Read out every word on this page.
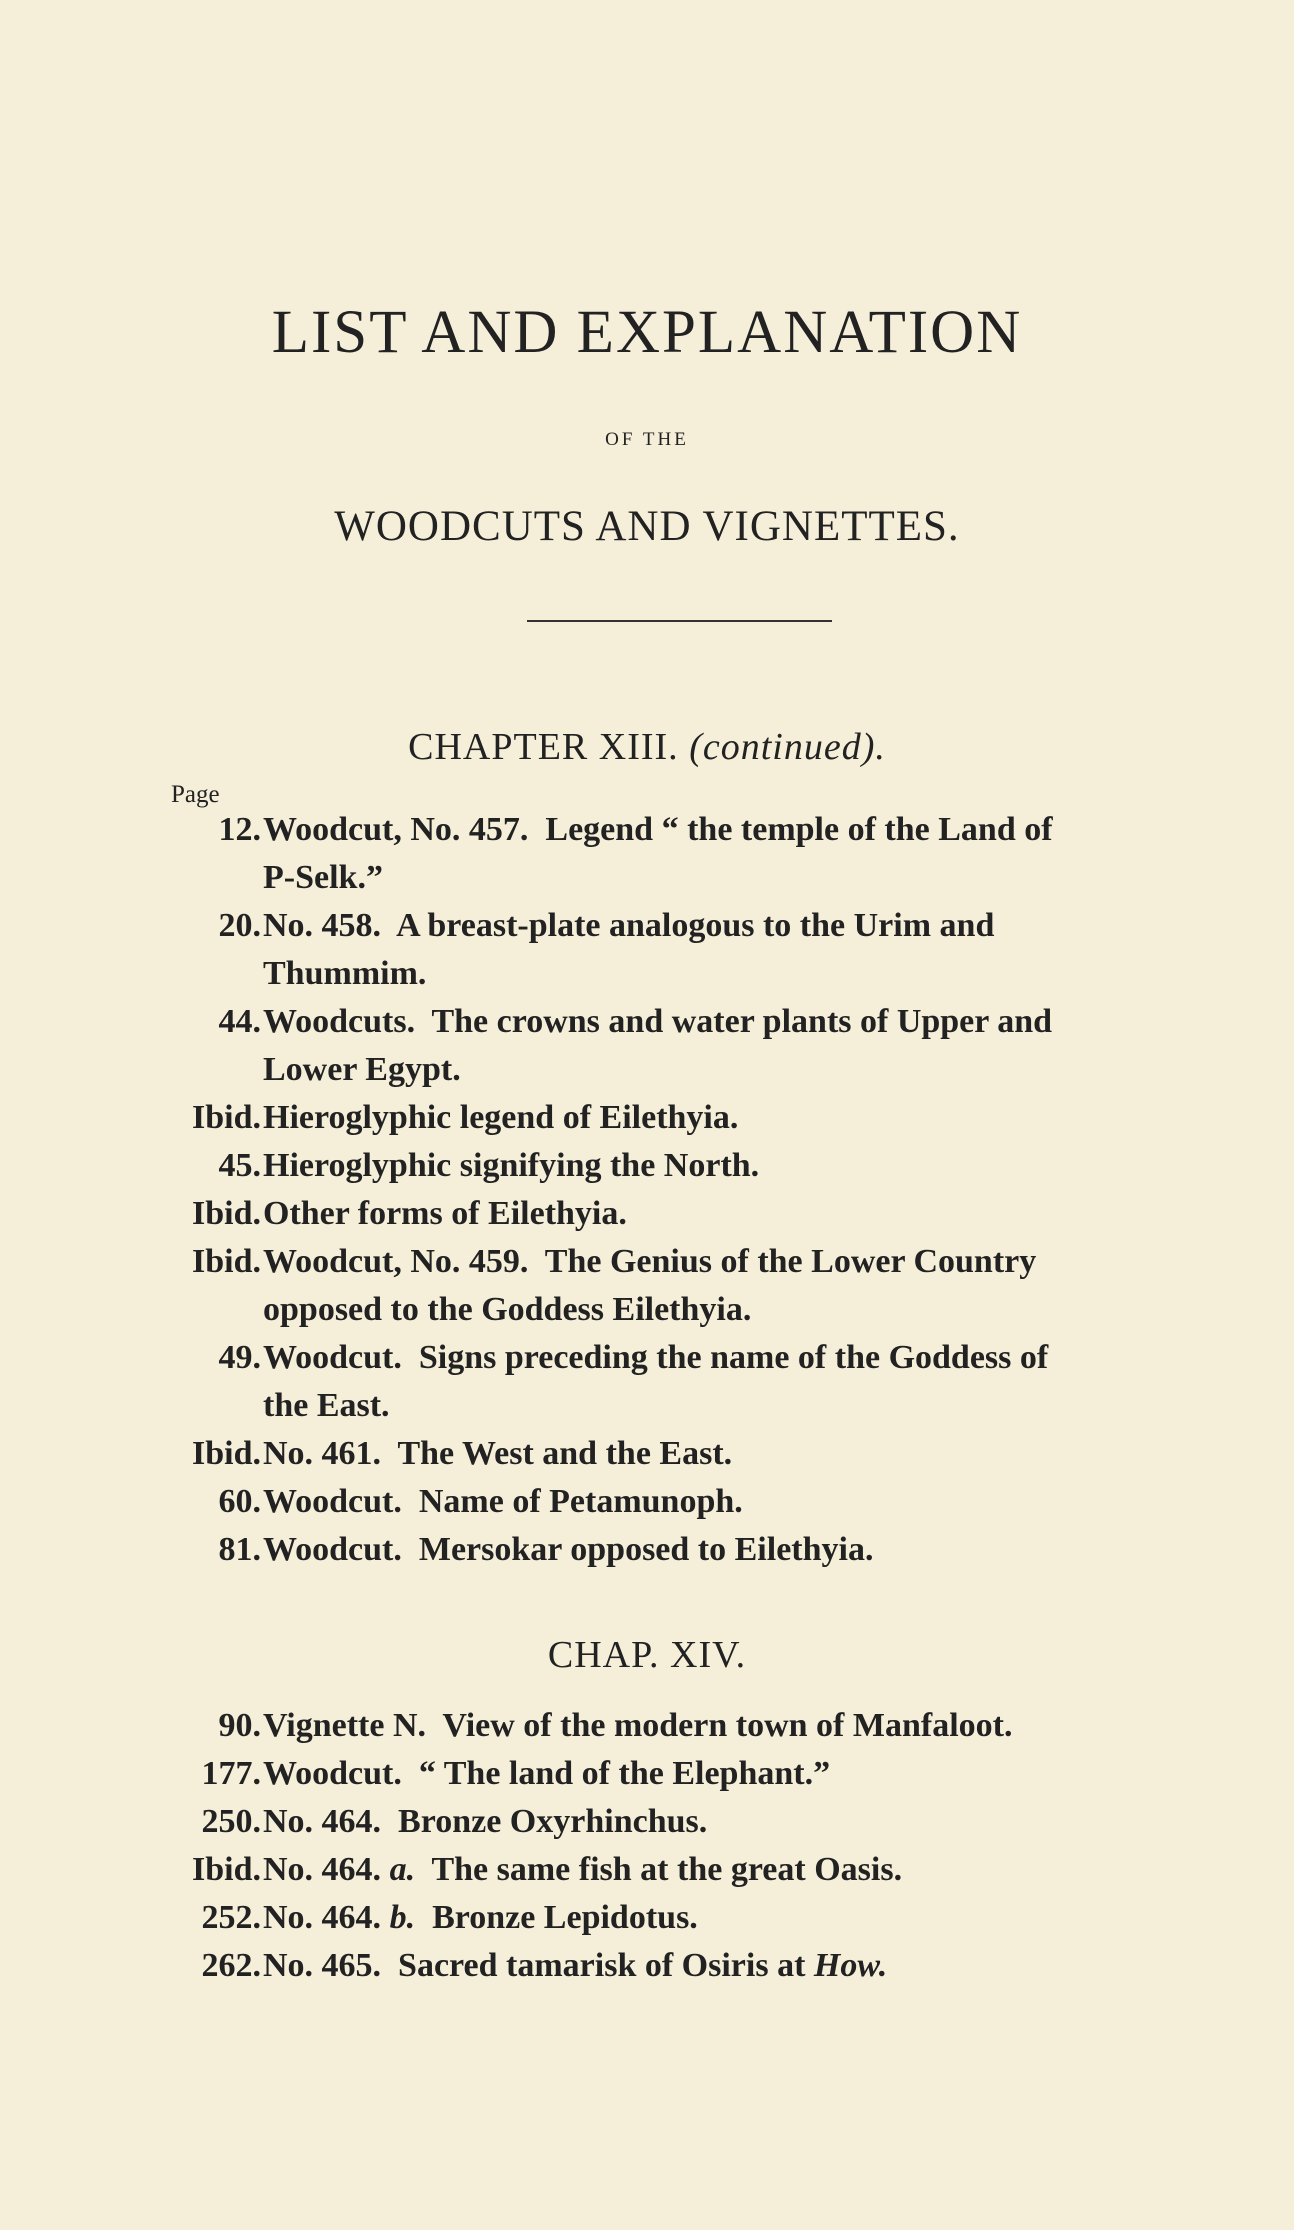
LIST AND EXPLANATION
OF THE
WOODCUTS AND VIGNETTES.
CHAPTER XIII. (continued).
Page
12. Woodcut, No. 457.  Legend “ the temple of the Land of
P-Selk.”
20. No. 458.  A breast-plate analogous to the Urim and
Thummim.
44. Woodcuts.  The crowns and water plants of Upper and
Lower Egypt.
Ibid. Hieroglyphic legend of Eilethyia.
45. Hieroglyphic signifying the North.
Ibid. Other forms of Eilethyia.
Ibid. Woodcut, No. 459.  The Genius of the Lower Country
opposed to the Goddess Eilethyia.
49. Woodcut.  Signs preceding the name of the Goddess of
the East.
Ibid. No. 461.  The West and the East.
60. Woodcut.  Name of Petamunoph.
81. Woodcut.  Mersokar opposed to Eilethyia.
CHAP. XIV.
90. Vignette N.  View of the modern town of Manfaloot.
177. Woodcut.  “ The land of the Elephant.”
250. No. 464.  Bronze Oxyrhinchus.
Ibid. No. 464. a.  The same fish at the great Oasis.
252. No. 464. b.  Bronze Lepidotus.
262. No. 465.  Sacred tamarisk of Osiris at How.
